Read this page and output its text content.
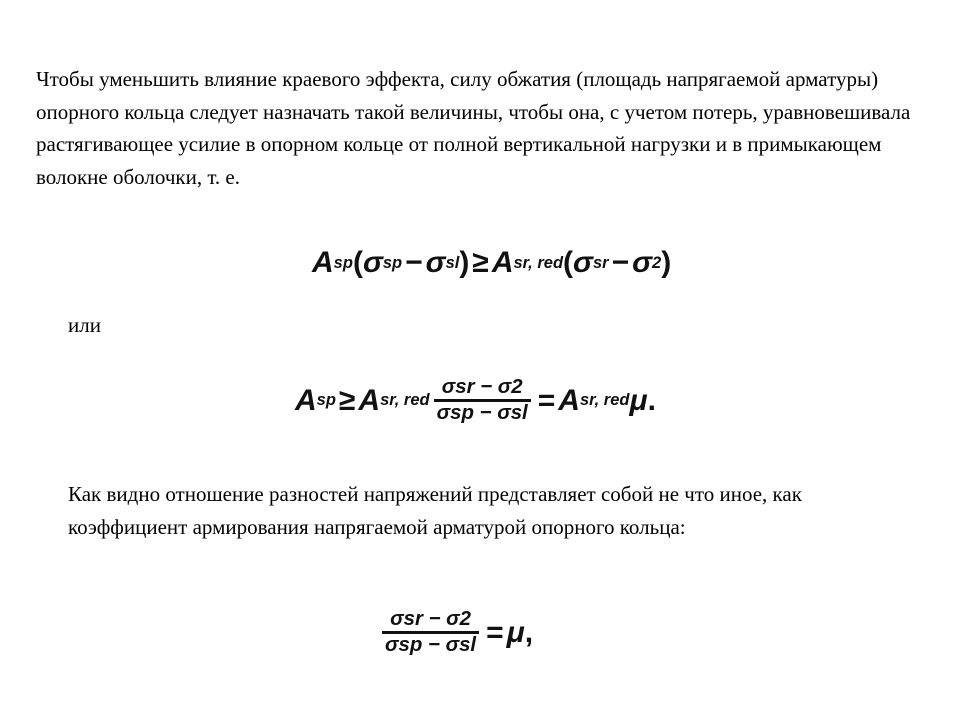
Чтобы уменьшить влияние краевого эффекта, силу обжатия (площадь напрягаемой арматуры) опорного кольца следует назначать такой величины, чтобы она, с учетом потерь, уравновешивала растягивающее усилие в опорном кольце от полной вертикальной нагрузки и в примыкающем волокне оболочки, т. е.

A sp ( σ sp − σ sl ) ≥ A sr, red ( σ sr − σ 2 )
или
A sp ≥ A sr, red $\frac{\text{σsr − σ2}}{\text{σsp − σsl}} = A$ sr, red μ .

Как видно отношение разностей напряжений представляет собой не что иное, как коэффициент армирования напрягаемой арматурой опорного кольца:

$\frac{\text{σsr − σ2}}{\text{σsp − σsl}} = \mu$ ,
